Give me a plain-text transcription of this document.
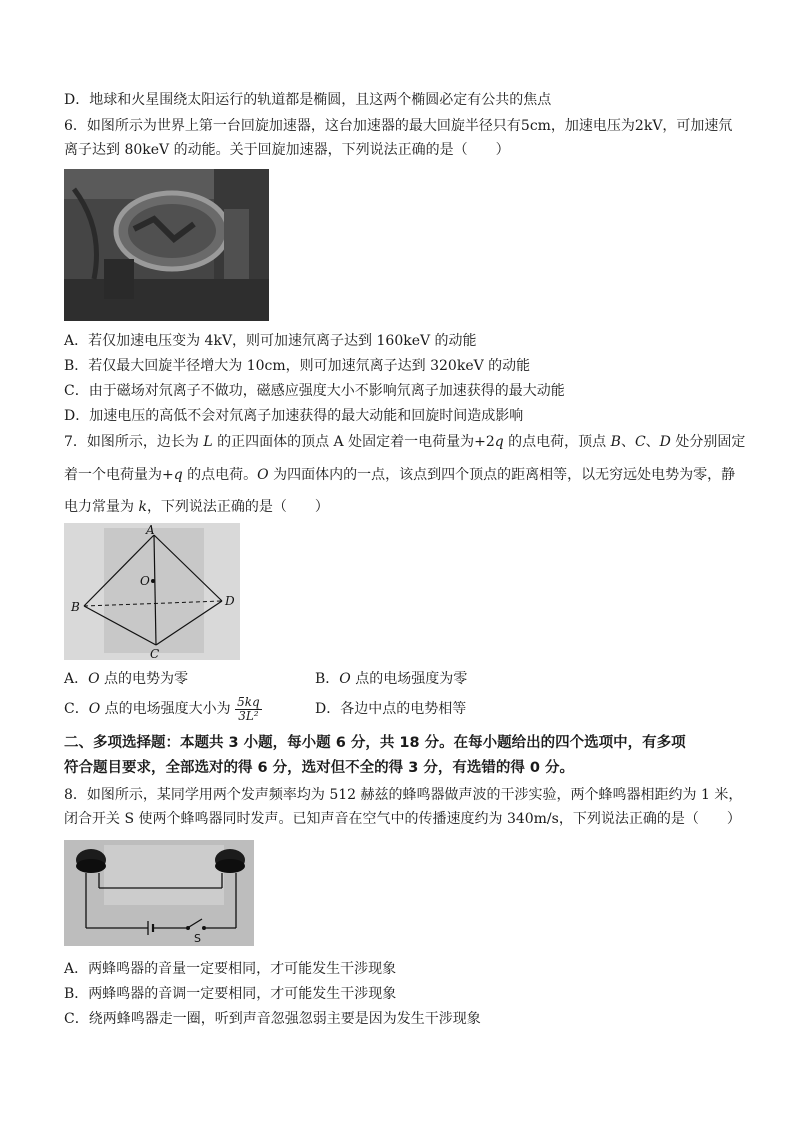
D．地球和火星围绕太阳运行的轨道都是椭圆，且这两个椭圆必定有公共的焦点
6．如图所示为世界上第一台回旋加速器，这台加速器的最大回旋半径只有5cm，加速电压为2kV，可加速氘
离子达到 80keV 的动能。关于回旋加速器，下列说法正确的是（　　）
A．若仅加速电压变为 4kV，则可加速氘离子达到 160keV 的动能
B．若仅最大回旋半径增大为 10cm，则可加速氘离子达到 320keV 的动能
C．由于磁场对氘离子不做功，磁感应强度大小不影响氘离子加速获得的最大动能
D．加速电压的高低不会对氘离子加速获得的最大动能和回旋时间造成影响
7．如图所示，边长为 L 的正四面体的顶点 A 处固定着一电荷量为+2q 的点电荷，顶点 B、C、D 处分别固定
着一个电荷量为+q 的点电荷。O 为四面体内的一点，该点到四个顶点的距离相等，以无穷远处电势为零，静
电力常量为 k，下列说法正确的是（　　）
A
B
C
D
O
A．O 点的电势为零	B．O 点的电场强度为零
C．O 点的电场强度大小为 $\frac{5kq}{\text{3L²}}$	D．各边中点的电势相等
二、多项选择题：本题共 3 小题，每小题 6 分，共 18 分。在每小题给出的四个选项中，有多项
符合题目要求，全部选对的得 6 分，选对但不全的得 3 分，有选错的得 0 分。
8．如图所示，某同学用两个发声频率均为 512 赫兹的蜂鸣器做声波的干涉实验，两个蜂鸣器相距约为 1 米，
闭合开关 S 使两个蜂鸣器同时发声。已知声音在空气中的传播速度约为 340m/s，下列说法正确的是（　　）
S
A．两蜂鸣器的音量一定要相同，才可能发生干涉现象
B．两蜂鸣器的音调一定要相同，才可能发生干涉现象
C．绕两蜂鸣器走一圈，听到声音忽强忽弱主要是因为发生干涉现象
